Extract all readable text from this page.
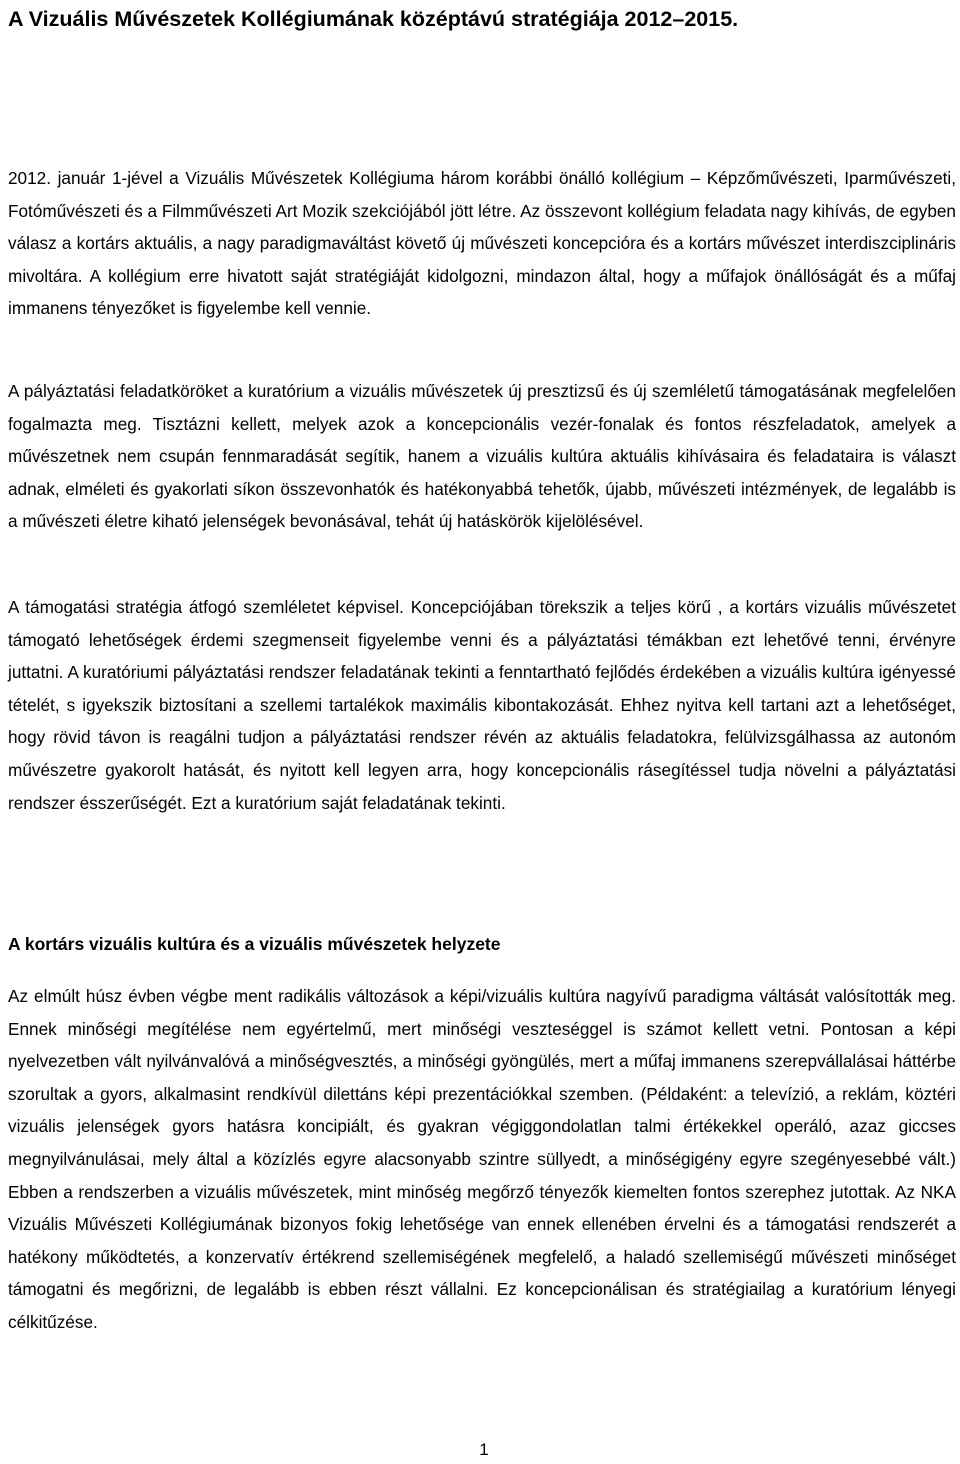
A Vizuális Művészetek Kollégiumának középtávú stratégiája 2012–2015.

2012. január 1-jével a Vizuális Művészetek Kollégiuma három korábbi önálló kollégium – Képzőművészeti, Iparművészeti, Fotóművészeti és a Filmművészeti Art Mozik szekciójából jött létre. Az összevont kollégium feladata nagy kihívás, de egyben válasz a kortárs aktuális, a nagy paradigmaváltást követő új művészeti koncepcióra és a kortárs művészet interdiszciplináris mivoltára. A kollégium erre hivatott saját stratégiáját kidolgozni, mindazon által, hogy a műfajok önállóságát és a műfaj immanens tényezőket is figyelembe kell vennie.

A pályáztatási feladatköröket a kuratórium a vizuális művészetek új presztizsű és új szemléletű támogatásának megfelelően fogalmazta meg. Tisztázni kellett, melyek azok a koncepcionális vezér-fonalak és fontos részfeladatok, amelyek a művészetnek nem csupán fennmaradását segítik, hanem a vizuális kultúra aktuális kihívásaira és feladataira is választ adnak, elméleti és gyakorlati síkon összevonhatók és hatékonyabbá tehetők, újabb, művészeti intézmények, de legalább is a művészeti életre kiható jelenségek bevonásával, tehát új hatáskörök kijelölésével.

A támogatási stratégia átfogó szemléletet képvisel. Koncepciójában törekszik a teljes körű , a kortárs vizuális művészetet támogató lehetőségek érdemi szegmenseit figyelembe venni és a pályáztatási témákban ezt lehetővé tenni, érvényre juttatni. A kuratóriumi pályáztatási rendszer feladatának tekinti a fenntartható fejlődés érdekében a vizuális kultúra igényessé tételét, s igyekszik biztosítani a szellemi tartalékok maximális kibontakozását. Ehhez nyitva kell tartani azt a lehetőséget, hogy rövid távon is reagálni tudjon a pályáztatási rendszer révén az aktuális feladatokra, felülvizsgálhassa az autonóm művészetre gyakorolt hatását, és nyitott kell legyen arra, hogy koncepcionális rásegítéssel tudja növelni a pályáztatási rendszer ésszerűségét. Ezt a kuratórium saját feladatának tekinti.

A kortárs vizuális kultúra és a vizuális művészetek helyzete

Az elmúlt húsz évben végbe ment radikális változások a képi/vizuális kultúra nagyívű paradigma váltását valósították meg. Ennek minőségi megítélése nem egyértelmű, mert minőségi veszteséggel is számot kellett vetni. Pontosan a képi nyelvezetben vált nyilvánvalóvá a minőségvesztés, a minőségi gyöngülés, mert a műfaj immanens szerepvállalásai háttérbe szorultak a gyors, alkalmasint rendkívül dilettáns képi prezentációkkal szemben. (Példaként: a televízió, a reklám, köztéri vizuális jelenségek gyors hatásra koncipiált, és gyakran végiggondolatlan talmi értékekkel operáló, azaz giccses megnyilvánulásai, mely által a közízlés egyre alacsonyabb szintre süllyedt, a minőségigény egyre szegényesebbé vált.) Ebben a rendszerben a vizuális művészetek, mint minőség megőrző tényezők kiemelten fontos szerephez jutottak. Az NKA Vizuális Művészeti Kollégiumának bizonyos fokig lehetősége van ennek ellenében érvelni és a támogatási rendszerét a hatékony működtetés, a konzervatív értékrend szellemiségének megfelelő, a haladó szellemiségű művészeti minőséget támogatni és megőrizni, de legalább is ebben részt vállalni. Ez koncepcionálisan és stratégiailag a kuratórium lényegi célkitűzése.

1
